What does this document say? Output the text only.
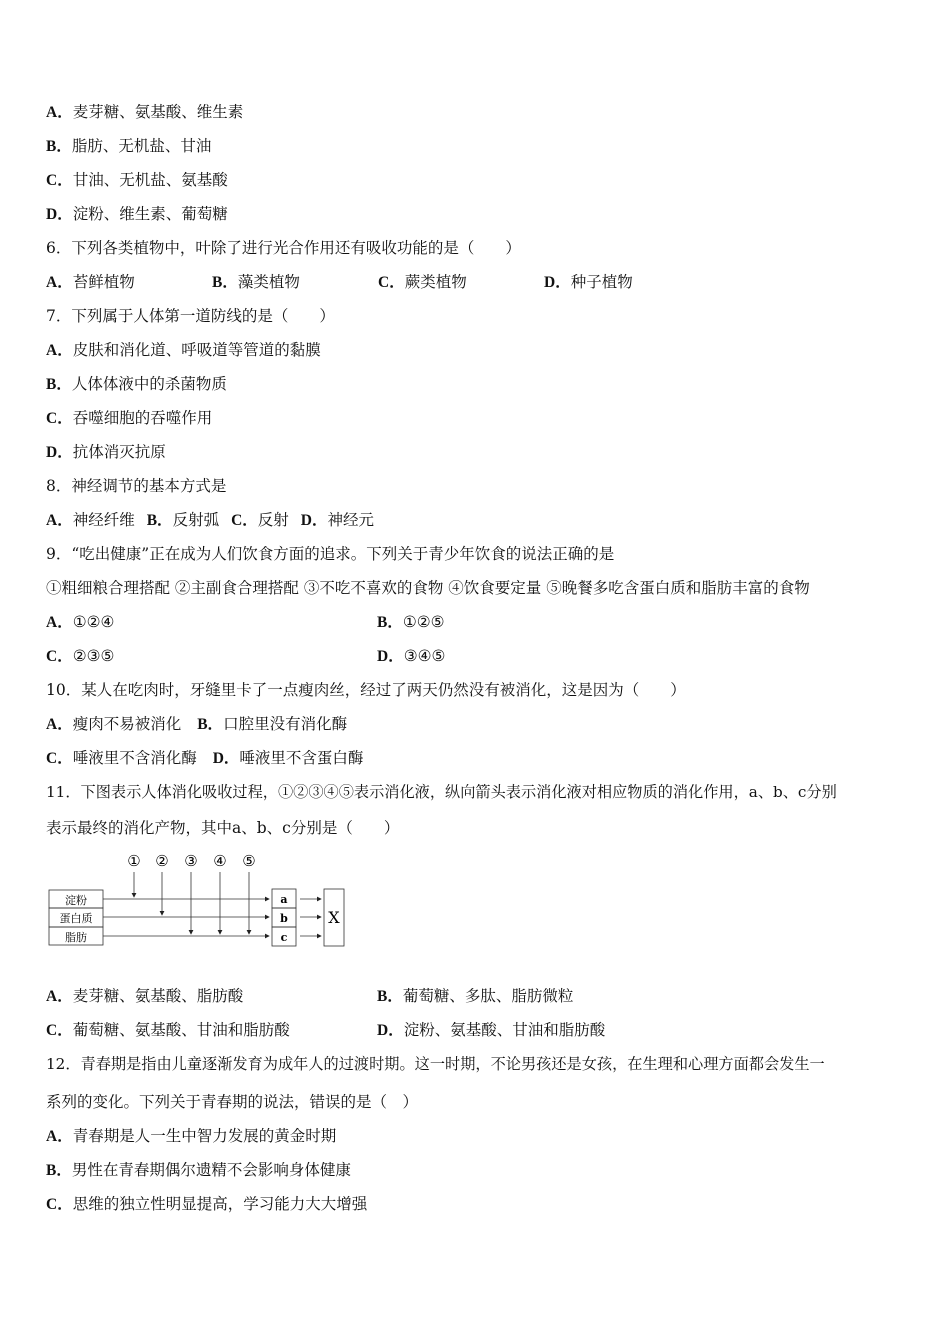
A．麦芽糖、氨基酸、维生素
B．脂肪、无机盐、甘油
C．甘油、无机盐、氨基酸
D．淀粉、维生素、葡萄糖
6．下列各类植物中，叶除了进行光合作用还有吸收功能的是（　　）
A．苔鲜植物	B．藻类植物	C．蕨类植物	D．种子植物
7．下列属于人体第一道防线的是（　　）
A．皮肤和消化道、呼吸道等管道的黏膜
B．人体体液中的杀菌物质
C．吞噬细胞的吞噬作用
D．抗体消灭抗原
8．神经调节的基本方式是
A．神经纤维 B．反射弧 C．反射 D．神经元
9．“吃出健康”正在成为人们饮食方面的追求。下列关于青少年饮食的说法正确的是
①粗细粮合理搭配 ②主副食合理搭配 ③不吃不喜欢的食物 ④饮食要定量 ⑤晚餐多吃含蛋白质和脂肪丰富的食物
A．①②④	B．①②⑤
C．②③⑤	D．③④⑤
10．某人在吃肉时，牙缝里卡了一点瘦肉丝，经过了两天仍然没有被消化，这是因为（　　）
A．瘦肉不易被消化 B．口腔里没有消化酶
C．唾液里不含消化酶 D．唾液里不含蛋白酶
11．下图表示人体消化吸收过程，①②③④⑤表示消化液，纵向箭头表示消化液对相应物质的消化作用，a、b、c分别
表示最终的消化产物，其中a、b、c分别是（　　）
① ② ③ ④ ⑤
淀粉
蛋白质
脂肪
a
b
c
X
A．麦芽糖、氨基酸、脂肪酸	B．葡萄糖、多肽、脂肪微粒
C．葡萄糖、氨基酸、甘油和脂肪酸	D．淀粉、氨基酸、甘油和脂肪酸
12．青春期是指由儿童逐渐发育为成年人的过渡时期。这一时期，不论男孩还是女孩，在生理和心理方面都会发生一
系列的变化。下列关于青春期的说法，错误的是（　）
A．青春期是人一生中智力发展的黄金时期
B．男性在青春期偶尔遗精不会影响身体健康
C．思维的独立性明显提高，学习能力大大增强
